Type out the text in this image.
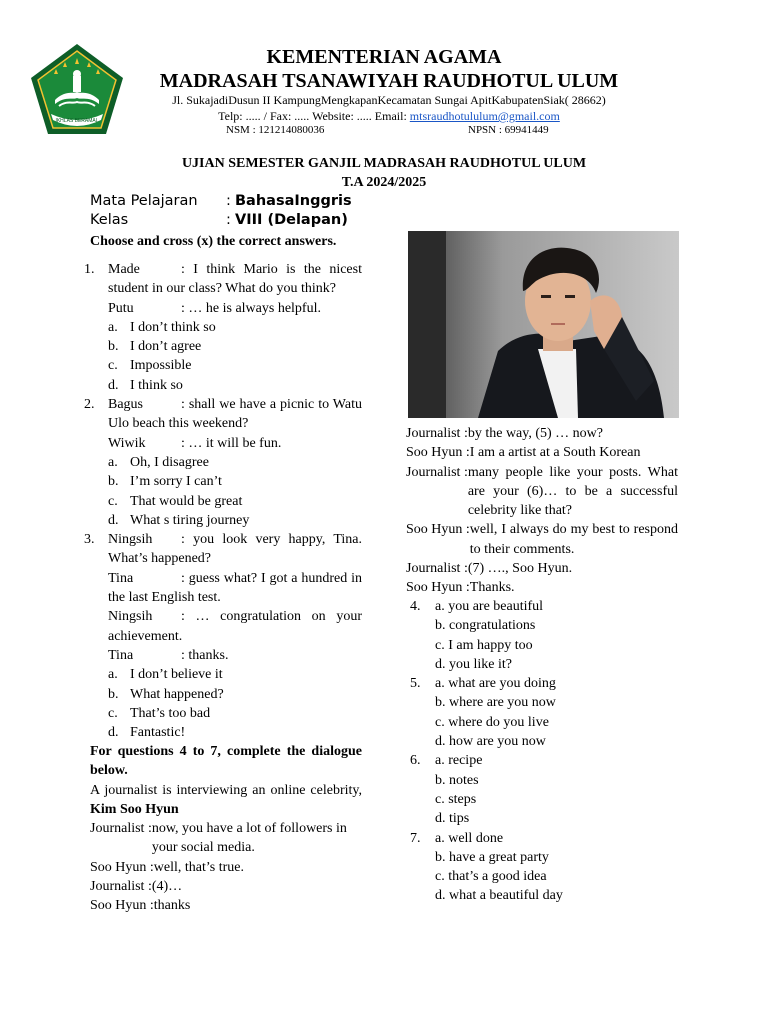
IKHLAS BERAMAL
KEMENTERIAN AGAMA
MADRASAH TSANAWIYAH RAUDHOTUL ULUM
Jl. SukajadiDusun II KampungMengkapanKecamatan Sungai ApitKabupatenSiak( 28662)
Telp: ..... / Fax: ..... Website: ..... Email: mtsraudhotululum@gmail.com
NSM : 121214080036	NPSN : 69941449
UJIAN SEMESTER GANJIL MADRASAH RAUDHOTUL ULUM
T.A 2024/2025
Mata Pelajaran : BahasaInggris
Kelas	: VIII (Delapan)
Choose and cross (x) the correct answers.
1. Made	: I think Mario is the nicest student in our class? What do you think?
Putu	: … he is always helpful.
a. I don’t think so
b. I don’t agree
c. Impossible
d. I think so
2. Bagus	: shall we have a picnic to Watu Ulo beach this weekend?
Wiwik	: … it will be fun.
a. Oh, I disagree
b. I’m sorry I can’t
c. That would be great
d. What s tiring journey
3. Ningsih : you look very happy, Tina. What’s happened?
Tina	: guess what? I got a hundred in the last English test.
Ningsih : … congratulation on your achievement.
Tina	: thanks.
a. I don’t believe it
b. What happened?
c. That’s too bad
d. Fantastic!
For questions 4 to 7, complete the dialogue below.
A journalist is interviewing an online celebrity, Kim Soo Hyun
Journalist : now, you have a lot of followers in your social media.
Soo Hyun : well, that’s true.
Journalist : (4)…
Soo Hyun : thanks
Journalist : by the way, (5) … now?
Soo Hyun : I am a artist at a South Korean
Journalist : many people like your posts. What are your (6)… to be a successful celebrity like that?
Soo Hyun : well, I always do my best to respond to their comments.
Journalist : (7) …., Soo Hyun.
Soo Hyun : Thanks.
4.	a. you are beautiful
b. congratulations
c. I am happy too
d. you like it?
5.	a. what are you doing
b. where are you now
c. where do you live
d. how are you now
6.	a. recipe
b. notes
c. steps
d. tips
7.	a. well done
b. have a great party
c. that’s a good idea
d. what a beautiful day
